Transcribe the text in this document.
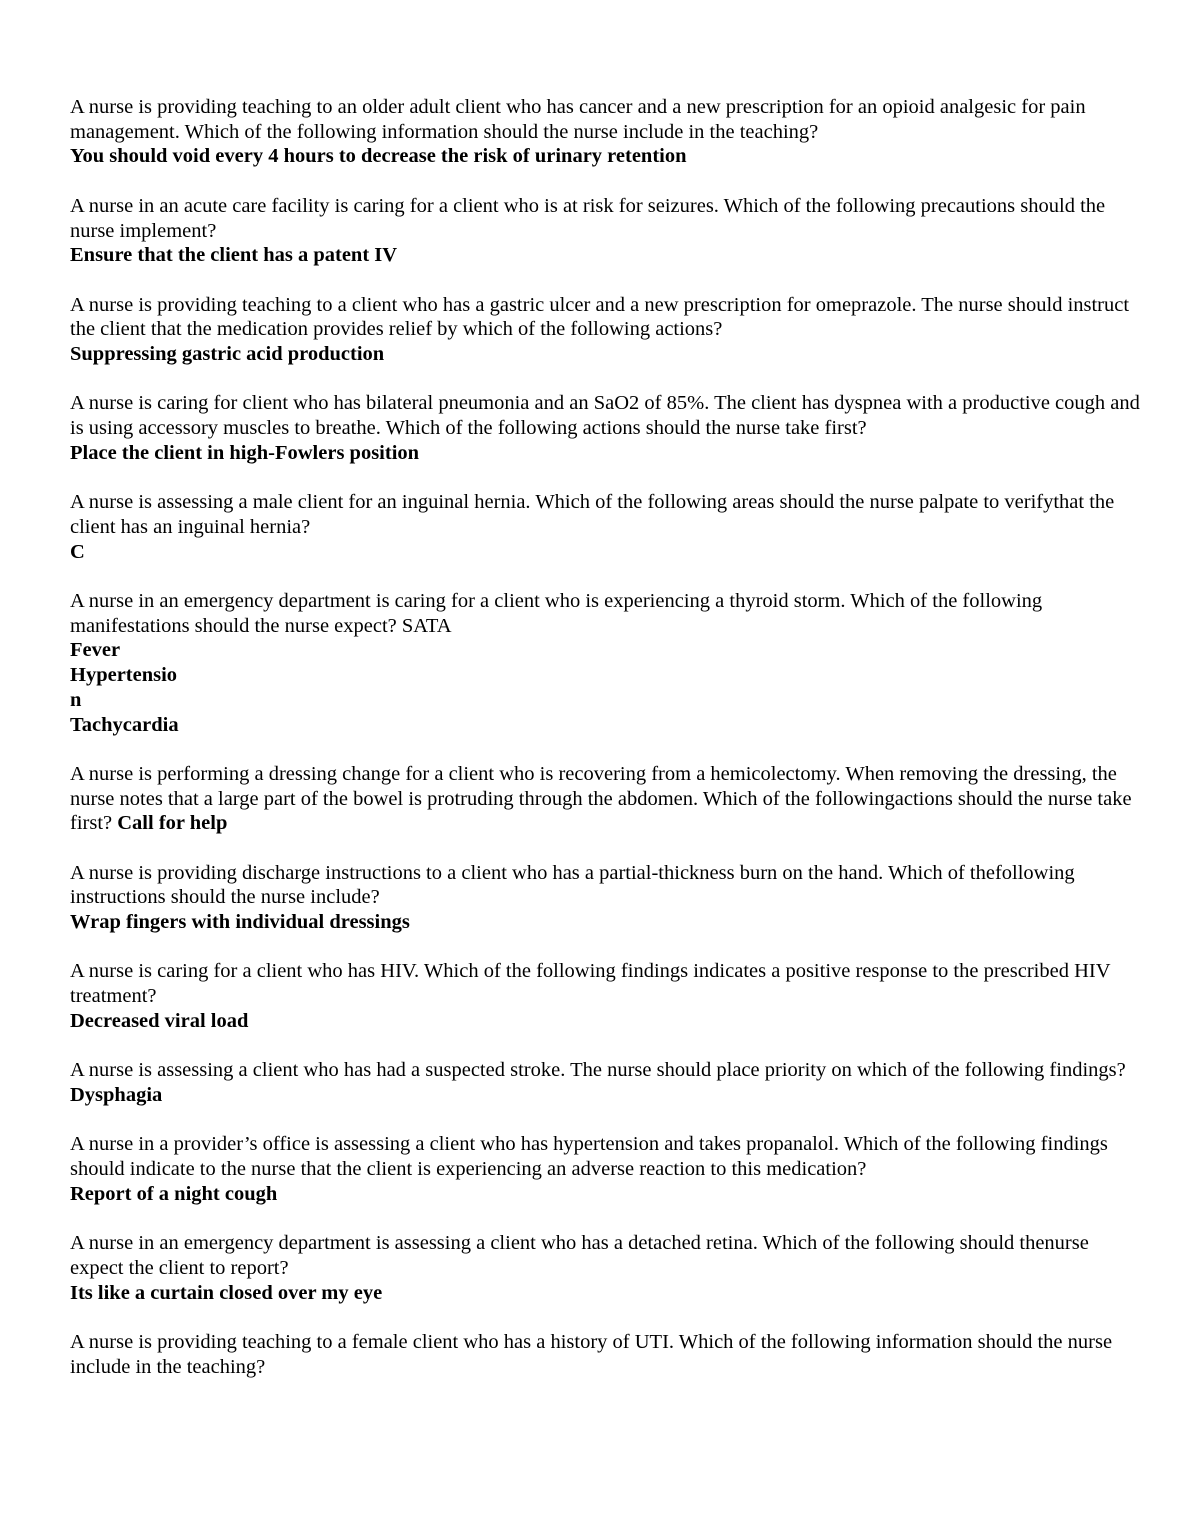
A nurse is providing teaching to an older adult client who has cancer and a new prescription for an opioid analgesic for pain management. Which of the following information should the nurse include in the teaching?
You should void every 4 hours to decrease the risk of urinary retention
A nurse in an acute care facility is caring for a client who is at risk for seizures. Which of the following precautions should the nurse implement?
Ensure that the client has a patent IV
A nurse is providing teaching to a client who has a gastric ulcer and a new prescription for omeprazole. The nurse should instruct the client that the medication provides relief by which of the following actions?
Suppressing gastric acid production
A nurse is caring for client who has bilateral pneumonia and an SaO2 of 85%. The client has dyspnea with a productive cough and is using accessory muscles to breathe. Which of the following actions should the nurse take first?
Place the client in high-Fowlers position
A nurse is assessing a male client for an inguinal hernia. Which of the following areas should the nurse palpate to verifythat the client has an inguinal hernia?
C
A nurse in an emergency department is caring for a client who is experiencing a thyroid storm. Which of the following manifestations should the nurse expect? SATA
Fever
Hypertensio
n
Tachycardia
A nurse is performing a dressing change for a client who is recovering from a hemicolectomy. When removing the dressing, the nurse notes that a large part of the bowel is protruding through the abdomen. Which of the followingactions should the nurse take first? Call for help
A nurse is providing discharge instructions to a client who has a partial-thickness burn on the hand. Which of thefollowing instructions should the nurse include?
Wrap fingers with individual dressings
A nurse is caring for a client who has HIV. Which of the following findings indicates a positive response to the prescribed HIV treatment?
Decreased viral load
A nurse is assessing a client who has had a suspected stroke. The nurse should place priority on which of the following findings?
Dysphagia
A nurse in a provider’s office is assessing a client who has hypertension and takes propanalol. Which of the following findings should indicate to the nurse that the client is experiencing an adverse reaction to this medication?
Report of a night cough
A nurse in an emergency department is assessing a client who has a detached retina. Which of the following should thenurse expect the client to report?
Its like a curtain closed over my eye
A nurse is providing teaching to a female client who has a history of UTI. Which of the following information should the nurse include in the teaching?
